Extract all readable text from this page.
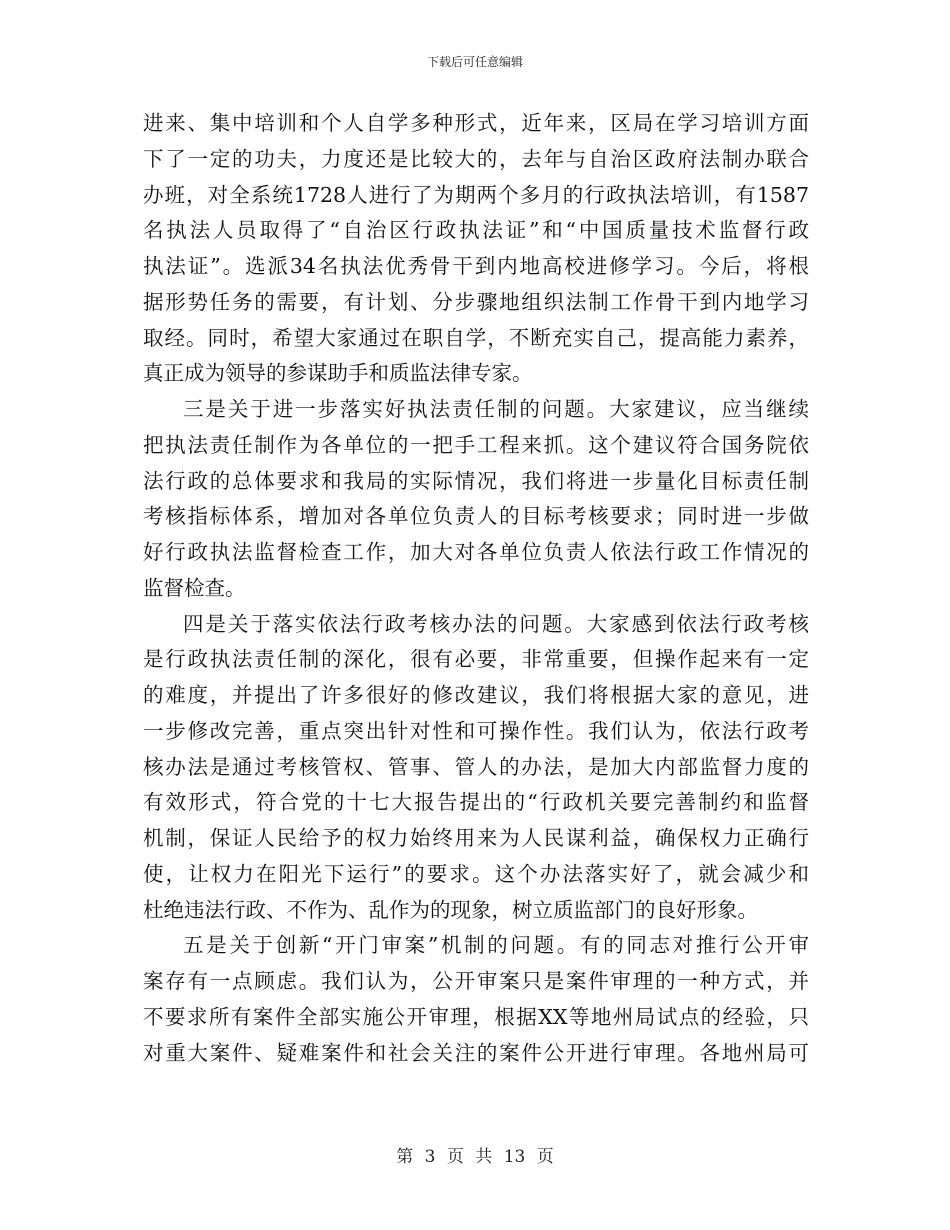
下载后可任意编辑
进来、集中培训和个人自学多种形式，近年来，区局在学习培训方面
下了一定的功夫，力度还是比较大的，去年与自治区政府法制办联合
办班，对全系统1728人进行了为期两个多月的行政执法培训，有1587
名执法人员取得了“自治区行政执法证”和“中国质量技术监督行政
执法证”。选派34名执法优秀骨干到内地高校进修学习。今后，将根
据形势任务的需要，有计划、分步骤地组织法制工作骨干到内地学习
取经。同时，希望大家通过在职自学，不断充实自己，提高能力素养，
真正成为领导的参谋助手和质监法律专家。
三是关于进一步落实好执法责任制的问题。大家建议，应当继续
把执法责任制作为各单位的一把手工程来抓。这个建议符合国务院依
法行政的总体要求和我局的实际情况，我们将进一步量化目标责任制
考核指标体系，增加对各单位负责人的目标考核要求；同时进一步做
好行政执法监督检查工作，加大对各单位负责人依法行政工作情况的
监督检查。
四是关于落实依法行政考核办法的问题。大家感到依法行政考核
是行政执法责任制的深化，很有必要，非常重要，但操作起来有一定
的难度，并提出了许多很好的修改建议，我们将根据大家的意见，进
一步修改完善，重点突出针对性和可操作性。我们认为，依法行政考
核办法是通过考核管权、管事、管人的办法，是加大内部监督力度的
有效形式，符合党的十七大报告提出的“行政机关要完善制约和监督
机制，保证人民给予的权力始终用来为人民谋利益，确保权力正确行
使，让权力在阳光下运行”的要求。这个办法落实好了，就会减少和
杜绝违法行政、不作为、乱作为的现象，树立质监部门的良好形象。
五是关于创新“开门审案”机制的问题。有的同志对推行公开审
案存有一点顾虑。我们认为，公开审案只是案件审理的一种方式，并
不要求所有案件全部实施公开审理，根据XX等地州局试点的经验，只
对重大案件、疑难案件和社会关注的案件公开进行审理。各地州局可
第 3 页 共 13 页
